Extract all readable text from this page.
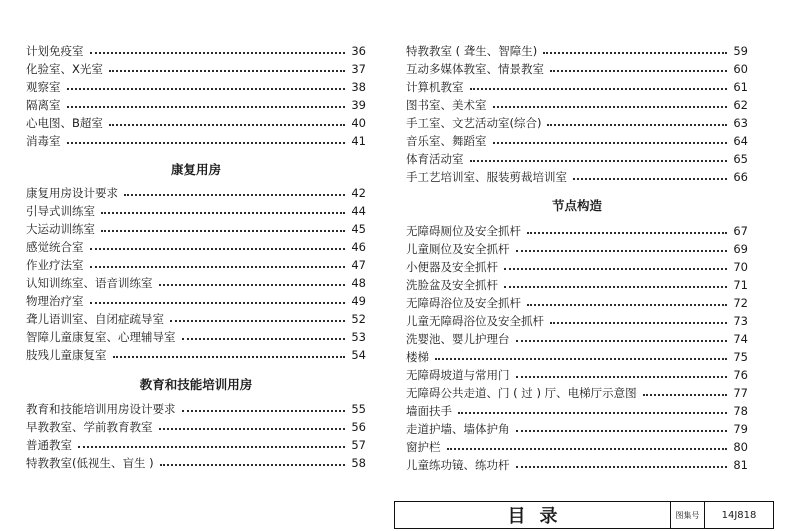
计划免疫室	36
化验室、X光室	37
观察室	38
隔离室	39
心电图、B超室	40
消毒室	41
康复用房
康复用房设计要求	42
引导式训练室	44
大运动训练室	45
感觉统合室	46
作业疗法室	47
认知训练室、语音训练室	48
物理治疗室	49
聋儿语训室、自闭症疏导室	52
智障儿童康复室、心理辅导室	53
肢残儿童康复室	54
教育和技能培训用房
教育和技能培训用房设计要求	55
早教教室、学前教育教室	56
普通教室	57
特教教室(低视生、盲生 )	58
特教教室 ( 聋生、智障生)	59
互动多媒体教室、情景教室	60
计算机教室	61
图书室、美术室	62
手工室、文艺活动室(综合)	63
音乐室、舞蹈室	64
体育活动室	65
手工艺培训室、服装剪裁培训室	66
节点构造
无障碍厕位及安全抓杆	67
儿童厕位及安全抓杆	69
小便器及安全抓杆	70
洗脸盆及安全抓杆	71
无障碍浴位及安全抓杆	72
儿童无障碍浴位及安全抓杆	73
洗婴池、婴儿护理台	74
楼梯	75
无障碍坡道与常用门	76
无障碍公共走道、门 ( 过 ) 厅、电梯厅示意图	77
墙面扶手	78
走道护墙、墙体护角	79
窗护栏	80
儿童练功镜、练功杆	81
目录	图集号	14J818
